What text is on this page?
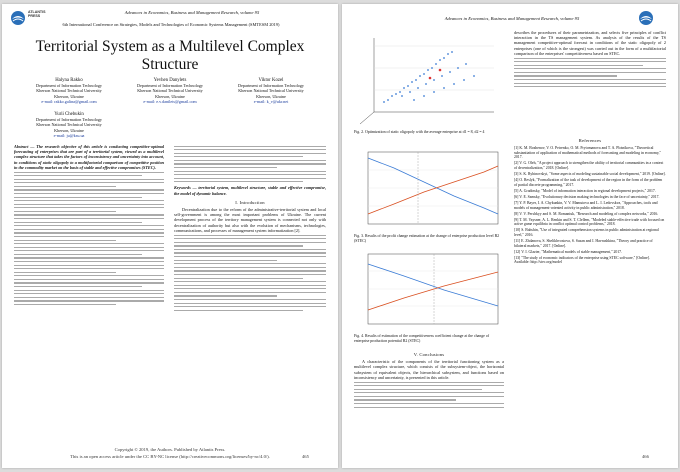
ATLANTIS PRESS
Advances in Economics, Business and Management Research, volume 95
6th International Conference on Strategies, Models and Technologies of Economic Systems Management (SMTESM 2019)
Territorial System as a Multilevel Complex Structure
Halyna Rakko
Department of Information Technology
Kherson National Technical University
Kherson, Ukraine
e-mail: rakko.galina@gmail.com
Yevhen Danylets
Department of Information Technology
Kherson National Technical University
Kherson, Ukraine
e-mail: e.v.danilets@gmail.com
Viktor Kozel
Department of Information Technology
Kherson National Technical University
Kherson, Ukraine
e-mail: k_v@ukr.net
Yurii Chebukin
Department of Information Technology
Kherson National Technical University
Kherson, Ukraine
e-mail: ju@ksu.ua
Abstract — The research objective of this article is conducting competitive-optimal forecasting of enterprises that are part of a territorial system, viewed as a multilevel complex structure that takes the factors of inconsistency and uncertainty into account, in conditions of static oligopoly to a multifactorial comparison of competitive position in the commodity market on the basis of stable and effective compromises (STEC).
Keywords — territorial system, multilevel structure, stable and effective compromise, the model of dynamic balance.
I. Introduction
Decentralization due to the reform of the administrative-territorial system and local self-government is among the most important problems of Ukraine. The current development process of the territory management system is connected not only with decentralization of authority but also with the evolution of mechanisms, technologies, communications, and processes of management system informatization [2].
Copyright © 2019, the Authors. Published by Atlantis Press.
This is an open access article under the CC BY-NC license (http://creativecommons.org/licenses/by-nc/4.0/).	465
Advances in Economics, Business and Management Research, volume 95
Fig. 2. Optimization of static oligopoly with the average enterprise at d1 = 8, d2 = 4
Fig. 3. Results of the profit change estimation at the change of enterprise production level B2 (STEC)
Fig. 4. Results of estimation of the competitiveness coefficient change at the change of enterprise production potential B2 (STEC)
V. Conclusions
A characteristic of the components of the territorial functioning system as a multilevel complex structure, which consists of the subsystem-object, the horizontal subsystem of equivalent objects, the hierarchical subsystem, and functions based on inconsistency and uncertainty, is presented in this article.
describes the procedures of their parametrization, and selects five principles of conflict interaction in the TS management system. As analysis of the results of the TS management competitive-optimal forecast in conditions of the static oligopoly of 2 enterprises (one of which is the strongest) was carried out in the form of a multifactorial comparison of the enterprises' competitiveness based on STEC.
References
[1] K. M. Bozhenov, V. O. Petrenko, O. M. Prytomanova and T. A. Plotnikova, "Theoretical substantiation of application of mathematical methods of forecasting and modeling in economy," 2017.
[2] V. G. Oleh, "A project approach to strengthen the ability of territorial communities in a context of decentralization," 2018. [Online].
[3] S. K. Ryhinovskyi, "Some aspects of modeling sustainable social development," 2019. [Online].
[4] O. Reslyk, "Formalization of the task of development of the region in the form of the problem of partial discrete programming," 2017.
[5] A. Gradinsky, "Model of information interaction in regional development projects," 2017.
[6] V. E. Samsky, "Evolutionary decision making technologies in the face of uncertainty," 2017.
[7] Y. P. Bayer, I. A. Chykunkin, V. V. Mamutova and L. I. Ledovskva, "Approaches, tools and models of management-oriented activity in public administration," 2018.
[8] V. V. Pershkyy and S. M. Romaniuk, "Research and modeling of complex networks," 2016.
[9] T. M. Vaysner, A. L. Renkin and S. T. Clellem, "Modeled stable-effective trade with focused on active game equilibria in conflict optimal control problems," 2018.
[10] S. Bahshin, "Use of integrated comprehension systems in public administration at regional level," 2016.
[11] E. Zhdanova, S. Shelikhvostova, S. Susan and I. Havrushkina, "Theory and practice of bilateral markets," 2017. [Online].
[12] V. I. Glazier, "Mathematical models of stable management," 2017.
[13] "The study of economic indicators of the enterprise using STEC software," [Online]. Available: http://stec.org/model
466
